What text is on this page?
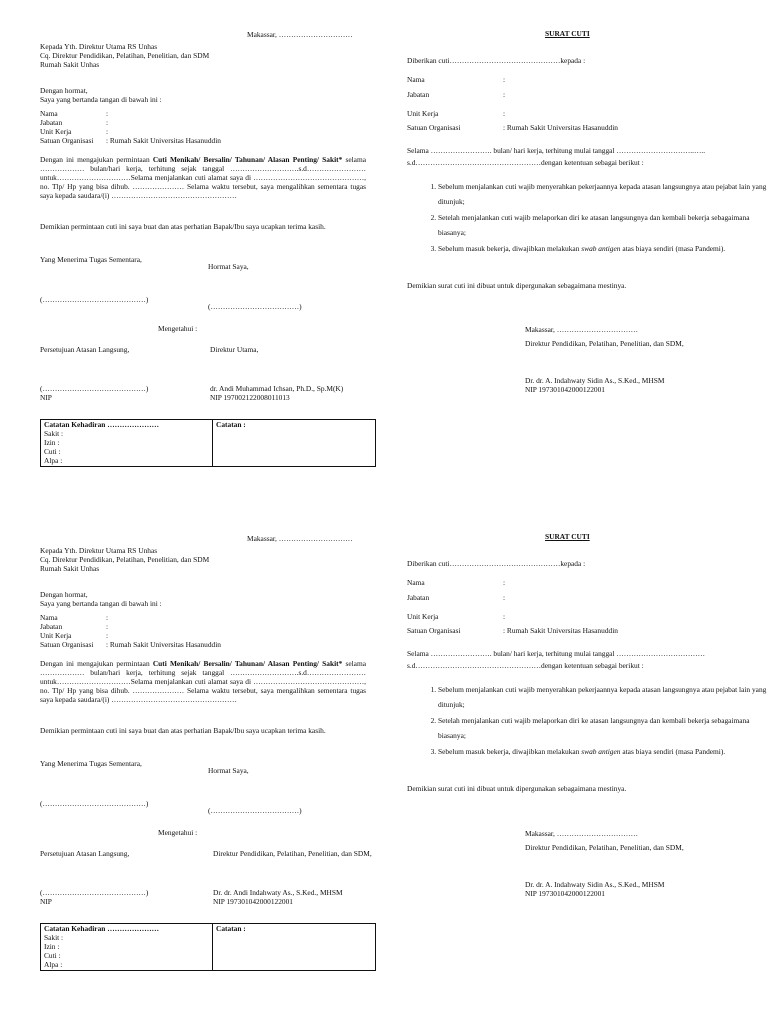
Makassar, …………………………
Kepada Yth. Direktur Utama RS Unhas
Cq. Direktur Pendidikan, Pelatihan, Penelitian, dan SDM
Rumah Sakit Unhas
Dengan hormat,
Saya yang bertanda tangan di bawah ini :
Nama	:
Jabatan	:
Unit Kerja	:
Satuan Organisasi : Rumah Sakit Universitas Hasanuddin
Dengan ini mengajukan permintaan Cuti Menikah/ Bersalin/ Tahunan/ Alasan Penting/ Sakit* selama ……………… bulan/hari kerja, terhitung sejak tanggal ……………………….s.d…………………… untuk…………………………Selama menjalankan cuti alamat saya di ………………………………………, no. Tlp/ Hp yang bisa dihub. ………………… Selama waktu tersebut, saya mengalihkan sementara tugas saya kepada saudara/(i) ……………………………………………
Demikian permintaan cuti ini saya buat dan atas perhatian Bapak/Ibu saya ucapkan terima kasih.
Yang Menerima Tugas Sementara,
Hormat Saya,
(……………………………………)
(………………………………)
Mengetahui :
Persetujuan Atasan Langsung,	Direktur Utama,
(……………………………………)
NIP
dr. Andi Muhammad Ichsan, Ph.D., Sp.M(K)
NIP 197002122008011013
Catatan Kehadiran …………………
Sakit :
Izin :
Cuti :
Alpa :

Catatan :
SURAT CUTI
Diberikan cuti………………………………………kepada :
Nama	:
Jabatan	:
Unit Kerja	:
Satuan Organisasi	: Rumah Sakit Universitas Hasanuddin
Selama ……………………. bulan/ hari kerja, terhitung mulai tanggal …………………………..…..
s.d……………………………………………dengan ketentuan sebagai berikut :
1. Sebelum menjalankan cuti wajib menyerahkan pekerjaannya kepada atasan langsungnya atau pejabat lain yang ditunjuk;
2. Setelah menjalankan cuti wajib melaporkan diri ke atasan langsungnya dan kembali bekerja sebagaimana biasanya;
3. Sebelum masuk bekerja, diwajibkan melakukan swab antigen atas biaya sendiri (masa Pandemi).
Demikian surat cuti ini dibuat untuk dipergunakan sebagaimana mestinya.
Makassar, ……………………………
Direktur Pendidikan, Pelatihan, Penelitian, dan SDM,
Dr. dr. A. Indahwaty Sidin As., S.Ked., MHSM
NIP 197301042000122001
Makassar, …………………………
Kepada Yth. Direktur Utama RS Unhas
Cq. Direktur Pendidikan, Pelatihan, Penelitian, dan SDM
Rumah Sakit Unhas
Dengan hormat,
Saya yang bertanda tangan di bawah ini :
Nama	:
Jabatan	:
Unit Kerja	:
Satuan Organisasi : Rumah Sakit Universitas Hasanuddin
Dengan ini mengajukan permintaan Cuti Menikah/ Bersalin/ Tahunan/ Alasan Penting/ Sakit* selama ……………… bulan/hari kerja, terhitung sejak tanggal ……………………….s.d…………………… untuk…………………………Selama menjalankan cuti alamat saya di ………………………………………, no. Tlp/ Hp yang bisa dihub. ………………… Selama waktu tersebut, saya mengalihkan sementara tugas saya kepada saudara/(i) ……………………………………………
Demikian permintaan cuti ini saya buat dan atas perhatian Bapak/Ibu saya ucapkan terima kasih.
Yang Menerima Tugas Sementara,
Hormat Saya,
(……………………………………)
(………………………………)
Mengetahui :
Persetujuan Atasan Langsung,	Direktur Pendidikan, Pelatihan, Penelitian, dan SDM,
(……………………………………)
NIP
Dr. dr. Andi Indahwaty As., S.Ked., MHSM
NIP 197301042000122001
Catatan Kehadiran …………………
Sakit :
Izin :
Cuti :
Alpa :

Catatan :
SURAT CUTI
Diberikan cuti………………………………………kepada :
Nama	:
Jabatan	:
Unit Kerja	:
Satuan Organisasi	: Rumah Sakit Universitas Hasanuddin
Selama ……………………. bulan/ hari kerja, terhitung mulai tanggal ………………………………
s.d……………………………………………dengan ketentuan sebagai berikut :
1. Sebelum menjalankan cuti wajib menyerahkan pekerjaannya kepada atasan langsungnya atau pejabat lain yang ditunjuk;
2. Setelah menjalankan cuti wajib melaporkan diri ke atasan langsungnya dan kembali bekerja sebagaimana biasanya;
3. Sebelum masuk bekerja, diwajibkan melakukan swab antigen atas biaya sendiri (masa Pandemi).
Demikian surat cuti ini dibuat untuk dipergunakan sebagaimana mestinya.
Makassar, ……………………………
Direktur Pendidikan, Pelatihan, Penelitian, dan SDM,
Dr. dr. A. Indahwaty Sidin As., S.Ked., MHSM
NIP 197301042000122001
